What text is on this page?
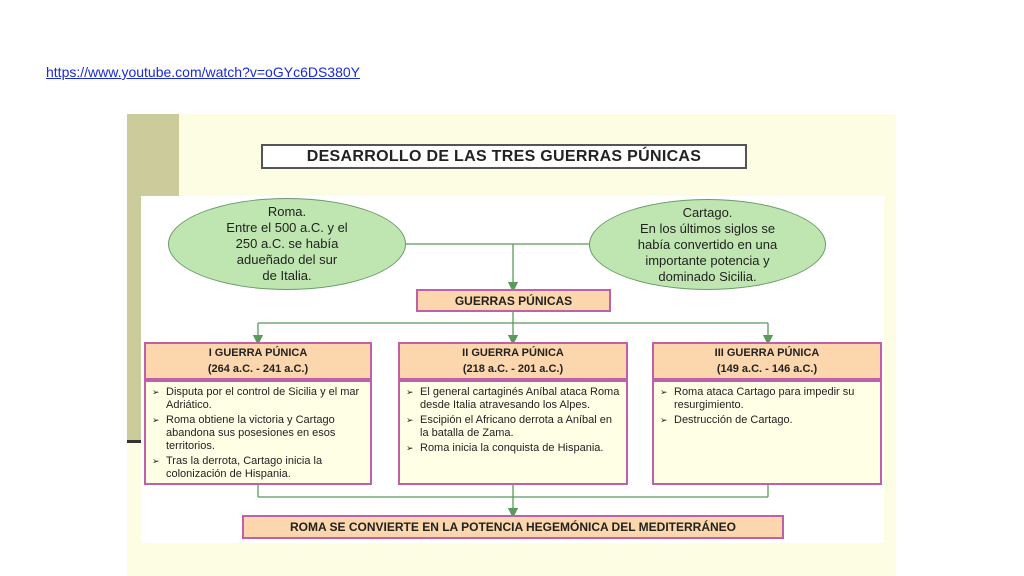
https://www.youtube.com/watch?v=oGYc6DS380Y
DESARROLLO DE LAS TRES GUERRAS PÚNICAS
Roma.
Entre el 500 a.C. y el
250 a.C. se había
adueñado del sur
de Italia.
Cartago.
En los últimos siglos se
había convertido en una
importante potencia y
dominado Sicilia.
GUERRAS PÚNICAS
I GUERRA PÚNICA
(264 a.C. - 241 a.C.)
➢ Disputa por el control de Sicilia y el mar Adriático.
➢ Roma obtiene la victoria y Cartago abandona sus posesiones en esos territorios.
➢ Tras la derrota, Cartago inicia la colonización de Hispania.
II GUERRA PÚNICA
(218 a.C. - 201 a.C.)
➢ El general cartaginés Aníbal ataca Roma desde Italia atravesando los Alpes.
➢ Escipión el Africano derrota a Aníbal en la batalla de Zama.
➢ Roma inicia la conquista de Hispania.
III GUERRA PÚNICA
(149 a.C. - 146 a.C.)
➢ Roma ataca Cartago para impedir su resurgimiento.
➢ Destrucción de Cartago.
ROMA SE CONVIERTE EN LA POTENCIA HEGEMÓNICA DEL MEDITERRÁNEO
